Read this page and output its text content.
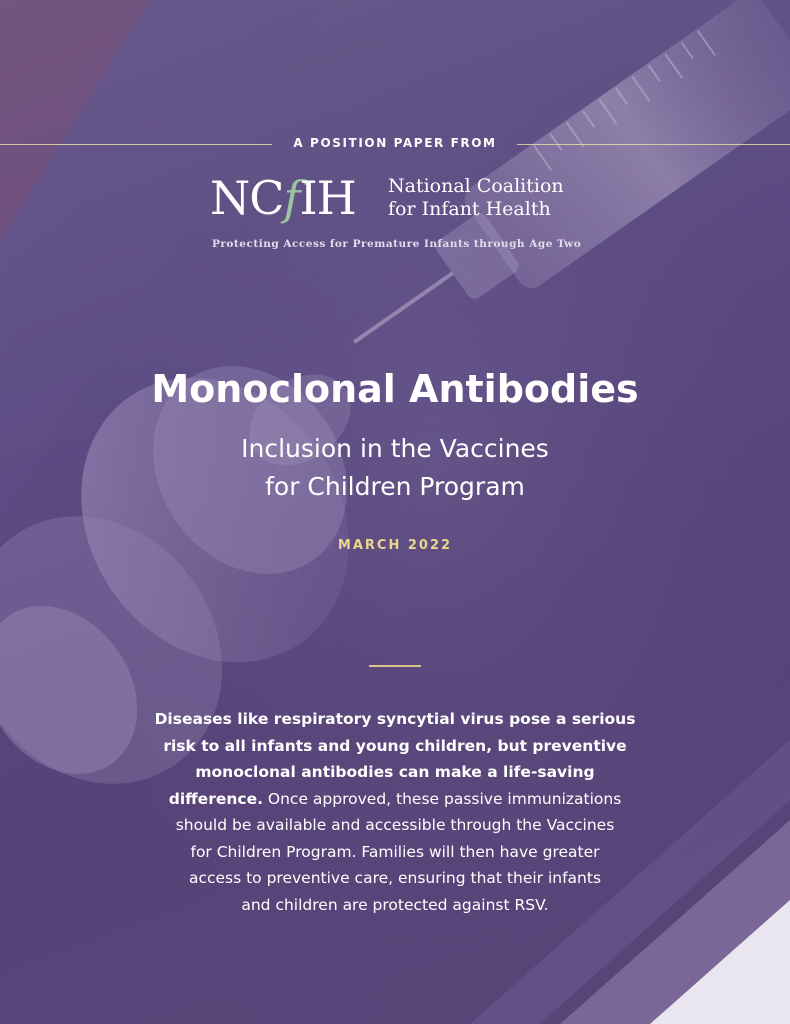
A POSITION PAPER FROM
NCfIH National Coalition
for Infant Health
Protecting Access for Premature Infants through Age Two
Monoclonal Antibodies
Inclusion in the Vaccines
for Children Program
MARCH 2022
Diseases like respiratory syncytial virus pose a serious
risk to all infants and young children, but preventive
monoclonal antibodies can make a life-saving
difference. Once approved, these passive immunizations
should be available and accessible through the Vaccines
for Children Program. Families will then have greater
access to preventive care, ensuring that their infants
and children are protected against RSV.
